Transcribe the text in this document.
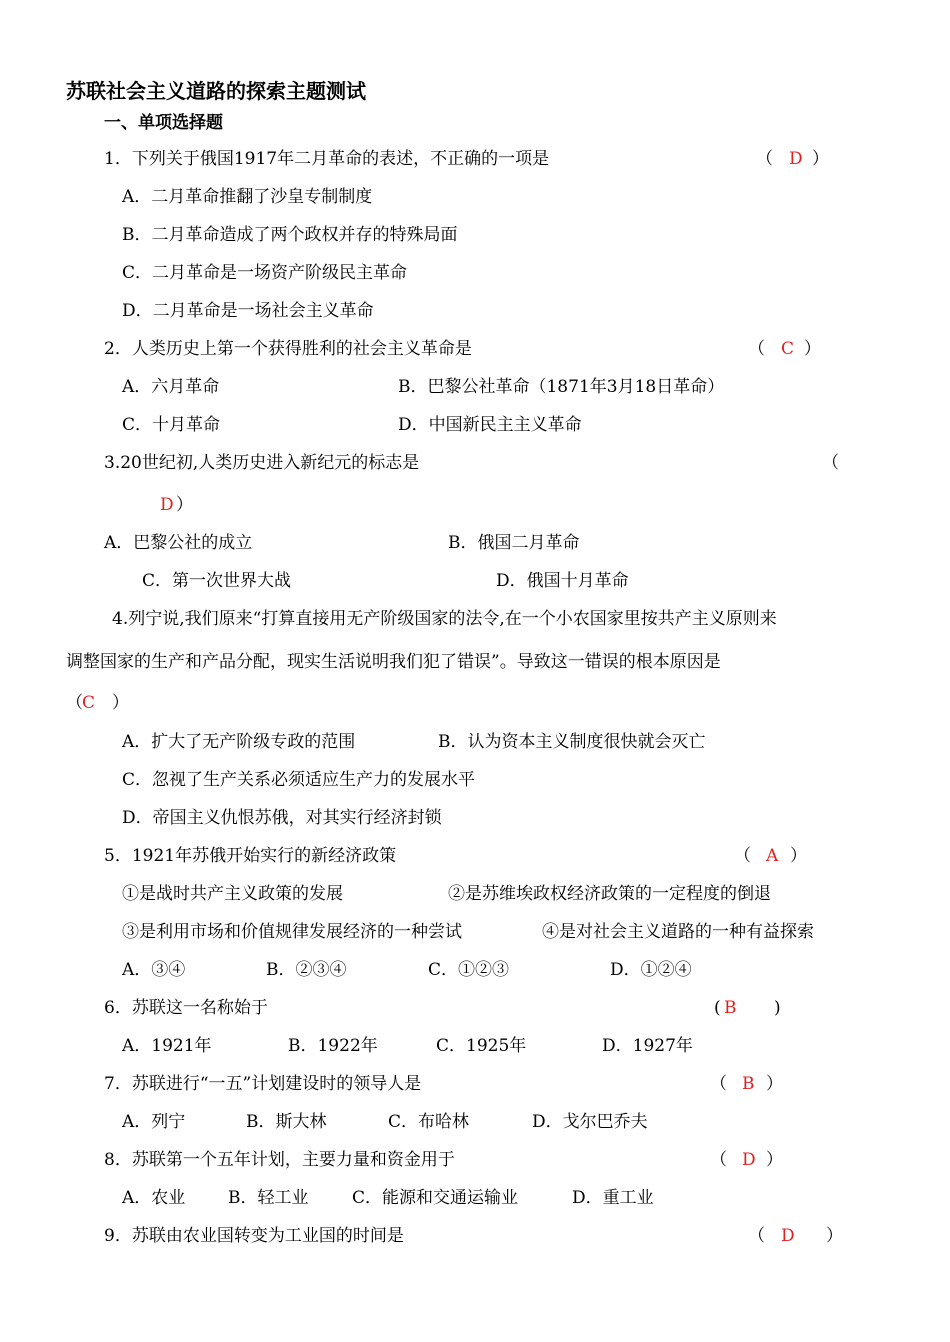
苏联社会主义道路的探索主题测试
一、单项选择题
1．下列关于俄国1917年二月革命的表述，不正确的一项是	（ D ）
A．二月革命推翻了沙皇专制制度
B．二月革命造成了两个政权并存的特殊局面
C．二月革命是一场资产阶级民主革命
D．二月革命是一场社会主义革命
2．人类历史上第一个获得胜利的社会主义革命是	（ C ）
A．六月革命	B．巴黎公社革命（1871年3月18日革命）
C．十月革命	D．中国新民主主义革命
3.20世纪初,人类历史进入新纪元的标志是	（
D ）
A．巴黎公社的成立	B．俄国二月革命
C．第一次世界大战	D．俄国十月革命
4.列宁说,我们原来“打算直接用无产阶级国家的法令,在一个小农国家里按共产主义原则来
调整国家的生产和产品分配，现实生活说明我们犯了错误”。导致这一错误的根本原因是
（ C ）
A．扩大了无产阶级专政的范围	B．认为资本主义制度很快就会灭亡
C．忽视了生产关系必须适应生产力的发展水平
D．帝国主义仇恨苏俄，对其实行经济封锁
5．1921年苏俄开始实行的新经济政策	（ A ）
①是战时共产主义政策的发展	②是苏维埃政权经济政策的一定程度的倒退
③是利用市场和价值规律发展经济的一种尝试	④是对社会主义道路的一种有益探索
A．③④	B．②③④	C．①②③	D．①②④
6．苏联这一名称始于	( B )
A．1921年	B．1922年	C．1925年	D．1927年
7．苏联进行“一五”计划建设时的领导人是	（ B ）
A．列宁	B．斯大林	C．布哈林	D．戈尔巴乔夫
8．苏联第一个五年计划，主要力量和资金用于	（ D ）
A．农业	B．轻工业	C．能源和交通运输业	D．重工业
9．苏联由农业国转变为工业国的时间是	（ D ）
